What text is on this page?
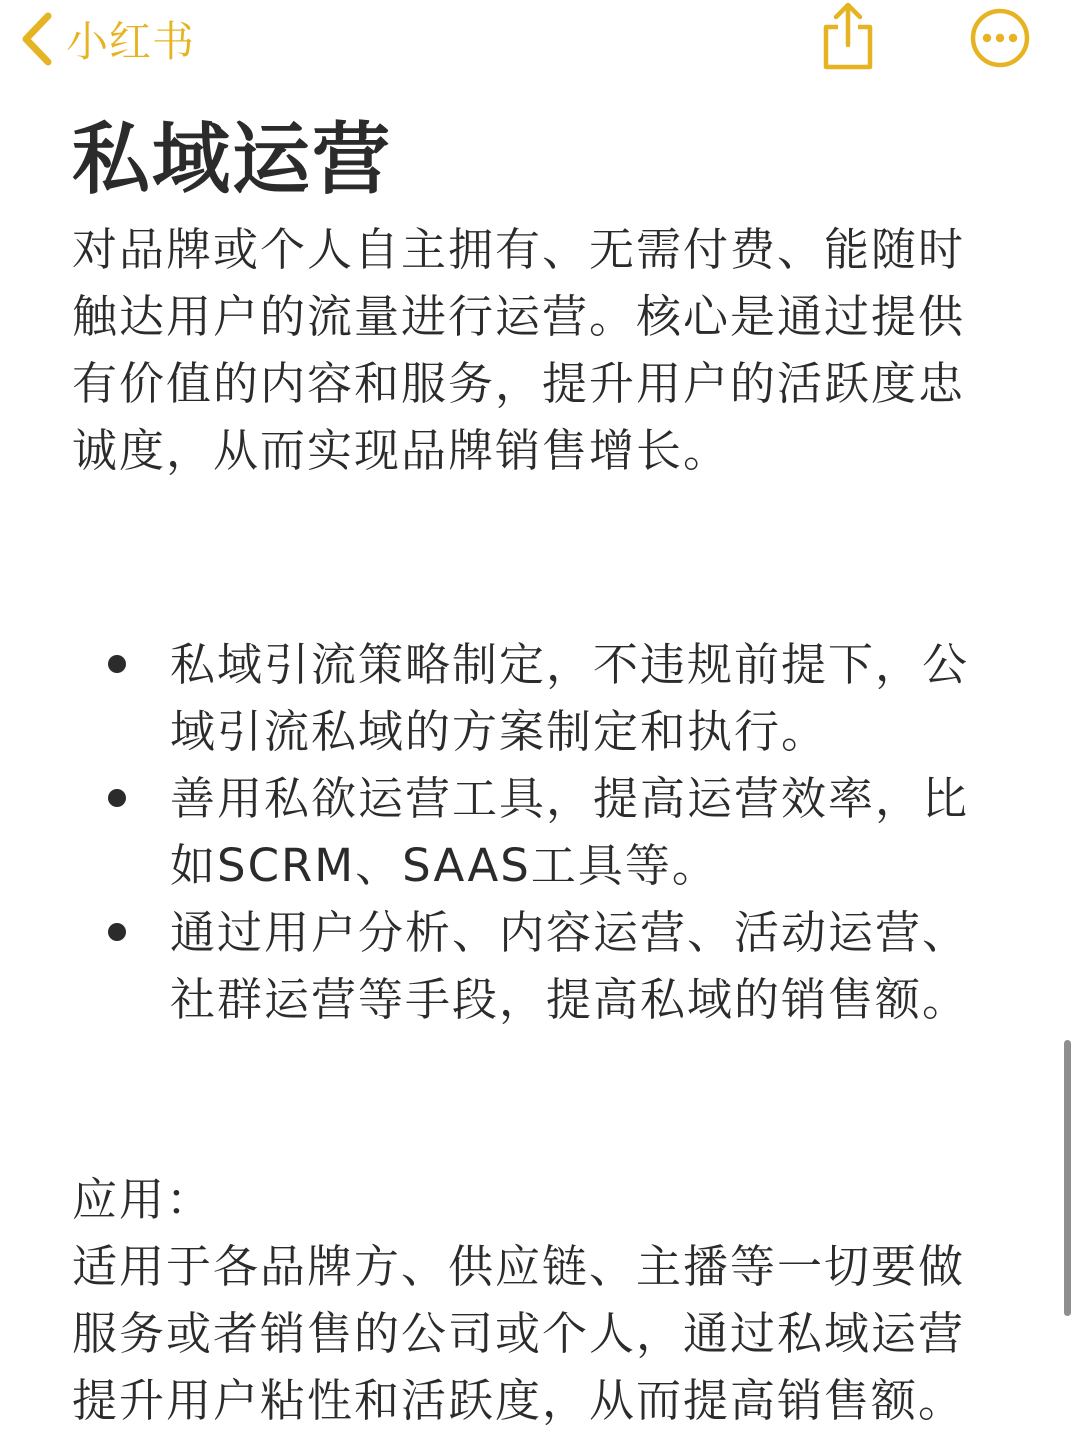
小红书
私域运营

对品牌或个人自主拥有、无需付费、能随时触达用户的流量进行运营。核心是通过提供有价值的内容和服务，提升用户的活跃度忠诚度，从而实现品牌销售增长。

私域引流策略制定，不违规前提下，公域引流私域的方案制定和执行。
善用私欲运营工具，提高运营效率，比如SCRM、SAAS工具等。
通过用户分析、内容运营、活动运营、社群运营等手段，提高私域的销售额。

应用：

适用于各品牌方、供应链、主播等一切要做服务或者销售的公司或个人，通过私域运营提升用户粘性和活跃度，从而提高销售额。
